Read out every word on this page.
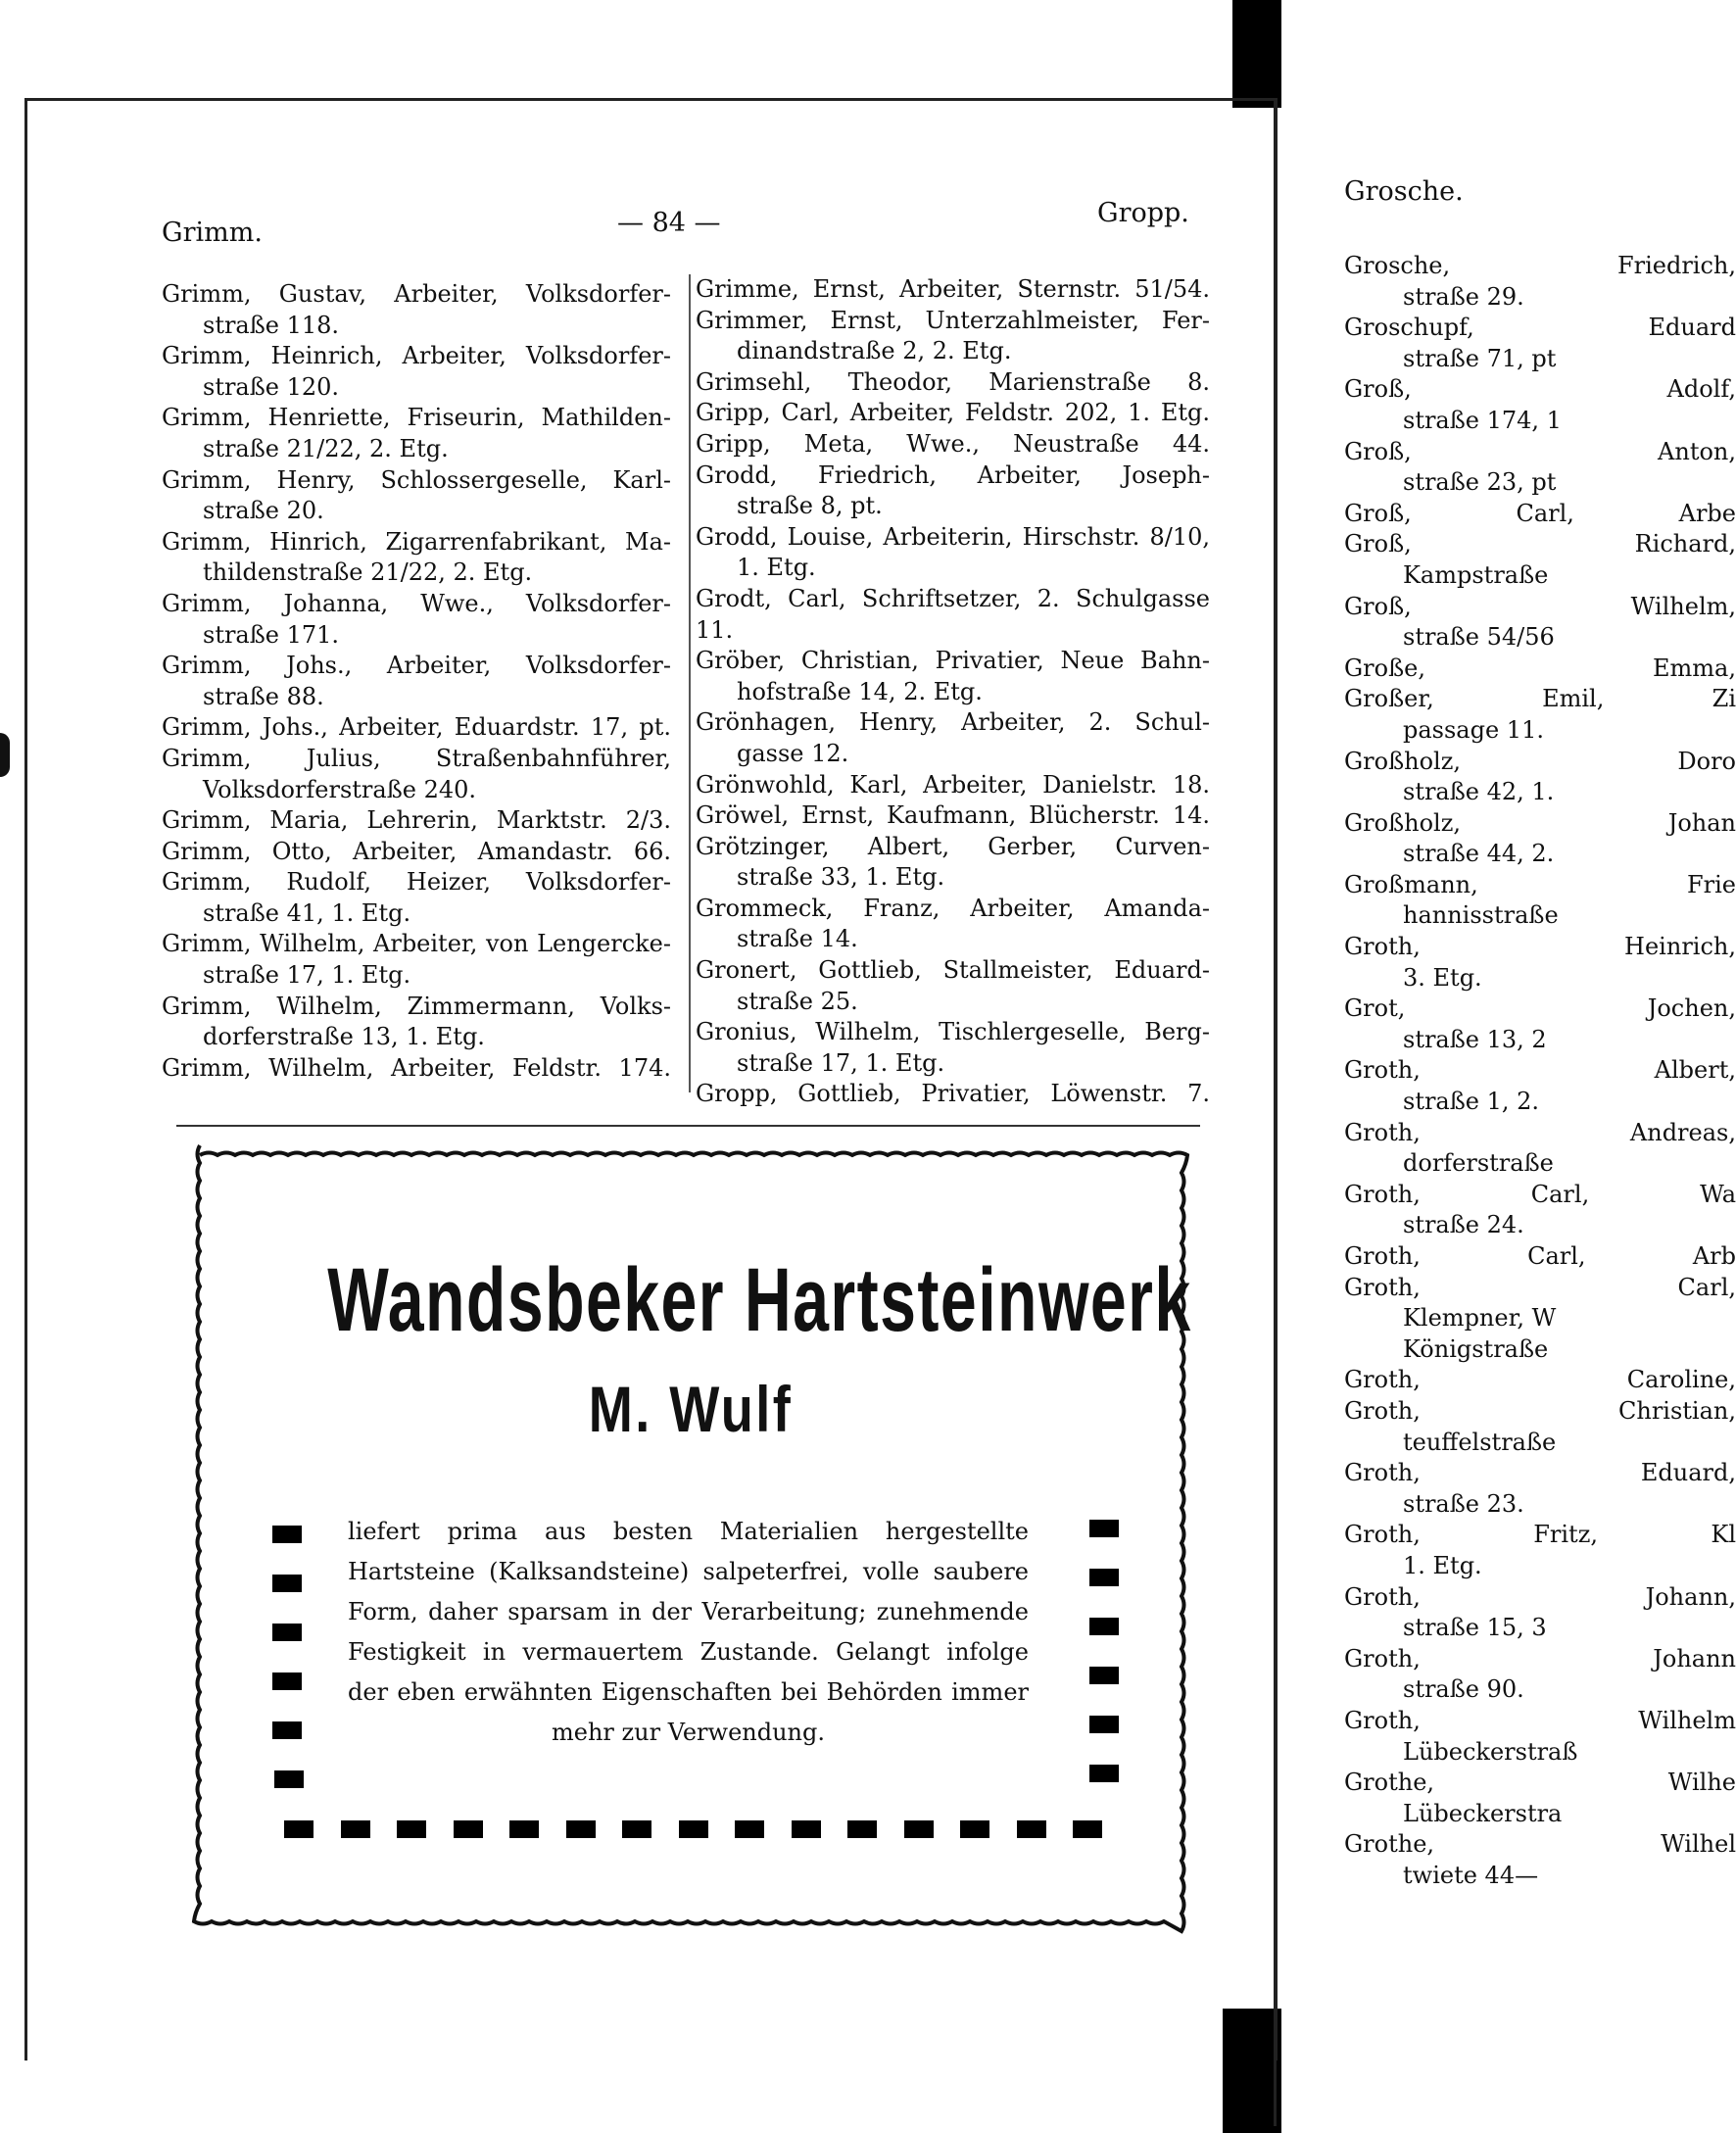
Grimm.	— 84 —	Gropp.
Grimm, Gustav, Arbeiter, Volksdorfer-
straße 118.
Grimm, Heinrich, Arbeiter, Volksdorfer-
straße 120.
Grimm, Henriette, Friseurin, Mathilden-
straße 21/22, 2. Etg.
Grimm, Henry, Schlossergeselle, Karl-
straße 20.
Grimm, Hinrich, Zigarrenfabrikant, Ma-
thildenstraße 21/22, 2. Etg.
Grimm, Johanna, Wwe., Volksdorfer-
straße 171.
Grimm, Johs., Arbeiter, Volksdorfer-
straße 88.
Grimm, Johs., Arbeiter, Eduardstr. 17, pt.
Grimm, Julius, Straßenbahnführer,
Volksdorferstraße 240.
Grimm, Maria, Lehrerin, Marktstr. 2/3.
Grimm, Otto, Arbeiter, Amandastr. 66.
Grimm, Rudolf, Heizer, Volksdorfer-
straße 41, 1. Etg.
Grimm, Wilhelm, Arbeiter, von Lengercke-
straße 17, 1. Etg.
Grimm, Wilhelm, Zimmermann, Volks-
dorferstraße 13, 1. Etg.
Grimm, Wilhelm, Arbeiter, Feldstr. 174.
Grimme, Ernst, Arbeiter, Sternstr. 51/54.
Grimmer, Ernst, Unterzahlmeister, Fer-
dinandstraße 2, 2. Etg.
Grimsehl, Theodor, Marienstraße 8.
Gripp, Carl, Arbeiter, Feldstr. 202, 1. Etg.
Gripp, Meta, Wwe., Neustraße 44.
Grodd, Friedrich, Arbeiter, Joseph-
straße 8, pt.
Grodd, Louise, Arbeiterin, Hirschstr. 8/10,
1. Etg.
Grodt, Carl, Schriftsetzer, 2. Schulgasse 11.
Gröber, Christian, Privatier, Neue Bahn-
hofstraße 14, 2. Etg.
Grönhagen, Henry, Arbeiter, 2. Schul-
gasse 12.
Grönwohld, Karl, Arbeiter, Danielstr. 18.
Gröwel, Ernst, Kaufmann, Blücherstr. 14.
Grötzinger, Albert, Gerber, Curven-
straße 33, 1. Etg.
Grommeck, Franz, Arbeiter, Amanda-
straße 14.
Gronert, Gottlieb, Stallmeister, Eduard-
straße 25.
Gronius, Wilhelm, Tischlergeselle, Berg-
straße 17, 1. Etg.
Gropp, Gottlieb, Privatier, Löwenstr. 7.
Wandsbeker Hartsteinwerk
M. Wulf
liefert prima aus besten Materialien hergestellte Hartsteine (Kalksandsteine) salpeterfrei, volle saubere Form, daher sparsam in der Verarbeitung; zunehmende Festigkeit in vermauertem Zustande. Gelangt infolge der eben erwähnten Eigenschaften bei Behörden immer mehr zur Verwendung.
Grosche.
Grosche, Friedrich,
straße 29.
Groschupf, Eduard
straße 71, pt
Groß, Adolf,
straße 174, 1
Groß, Anton,
straße 23, pt
Groß, Carl, Arbe
Groß, Richard,
Kampstraße
Groß, Wilhelm,
straße 54/56
Große, Emma,
Großer, Emil, Zi
passage 11.
Großholz, Doro
straße 42, 1.
Großholz, Johan
straße 44, 2.
Großmann, Frie
hannisstraße
Groth, Heinrich,
3. Etg.
Grot, Jochen,
straße 13, 2
Groth, Albert,
straße 1, 2.
Groth, Andreas,
dorferstraße
Groth, Carl, Wa
straße 24.
Groth, Carl, Arb
Groth, Carl,
Klempner, W
Königstraße
Groth, Caroline,
Groth, Christian,
teuffelstraße
Groth, Eduard,
straße 23.
Groth, Fritz, Kl
1. Etg.
Groth, Johann,
straße 15, 3
Groth, Johann
straße 90.
Groth, Wilhelm
Lübeckerstraß
Grothe, Wilhe
Lübeckerstra
Grothe, Wilhel
twiete 44—
